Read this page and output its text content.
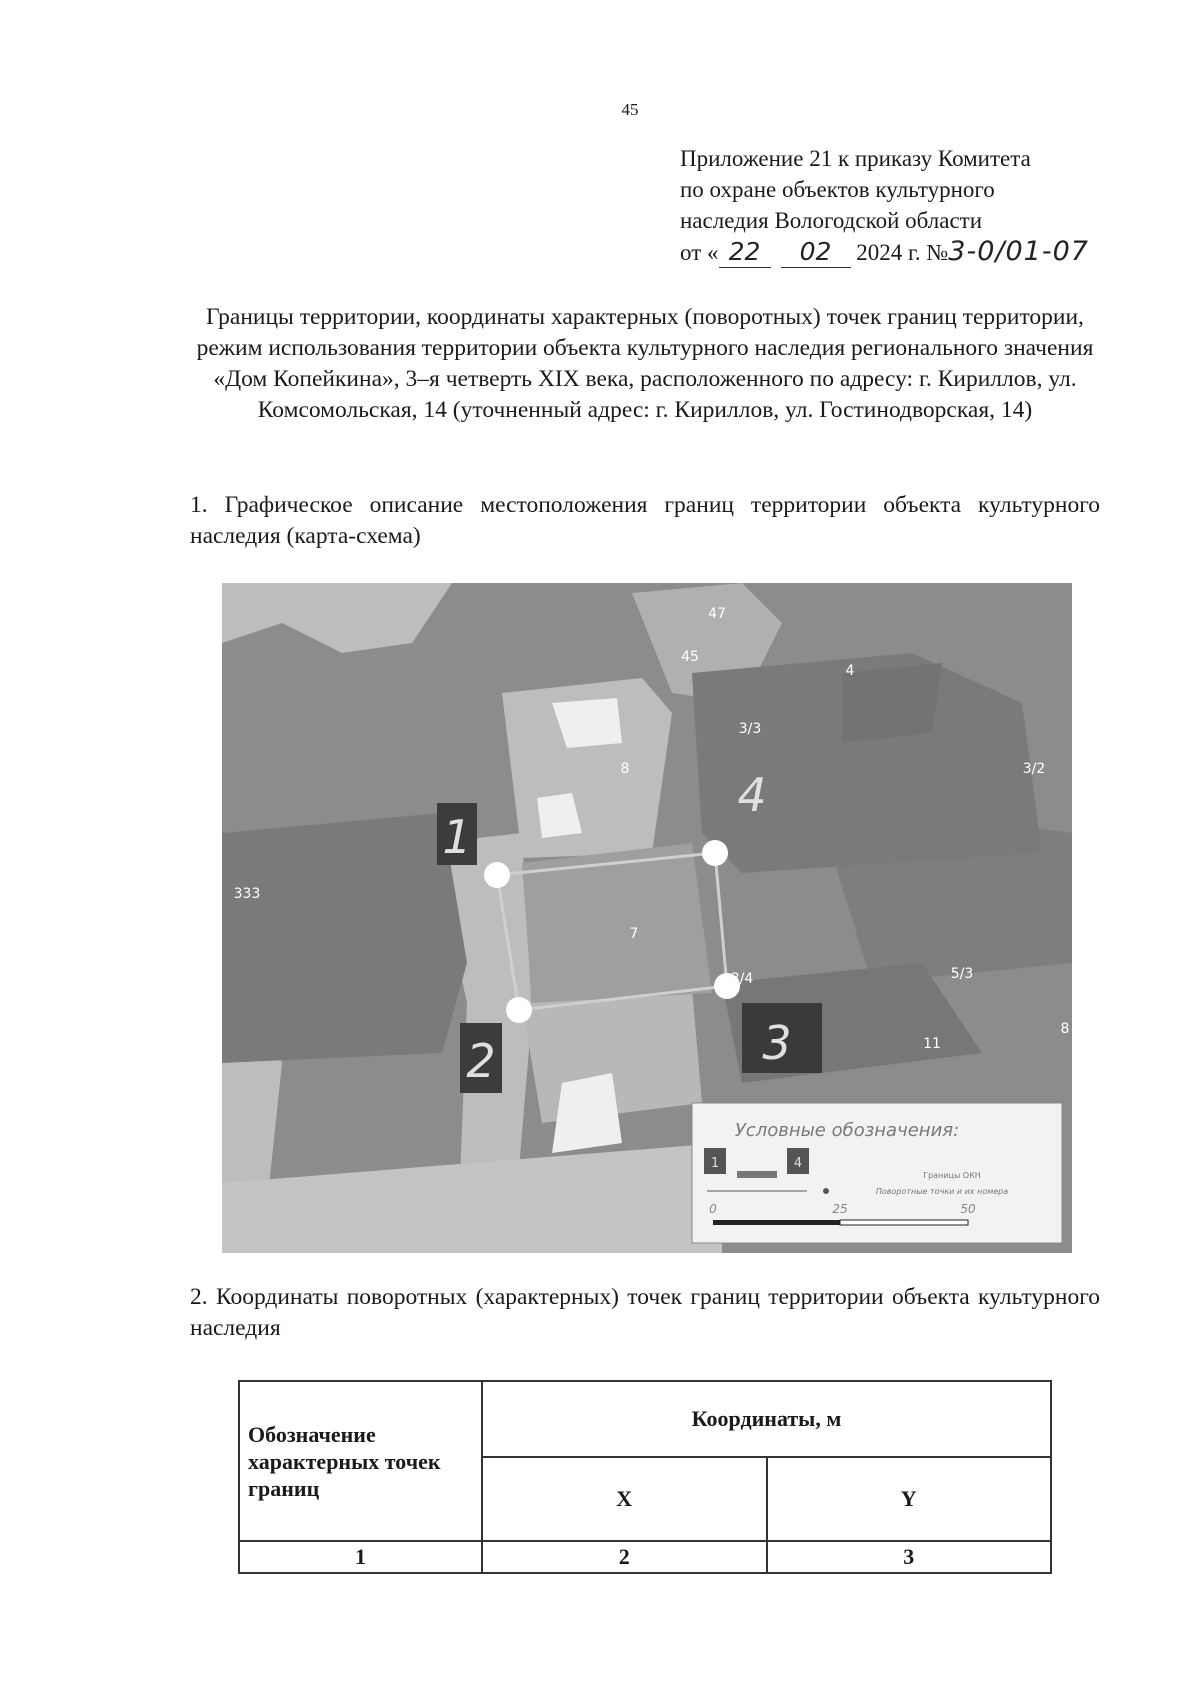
45
Приложение 21 к приказу Комитета
по охране объектов культурного
наследия Вологодской области
от « 22 02 2024 г. №3-0/01-07
Границы территории, координаты характерных (поворотных) точек границ территории, режим использования территории объекта культурного наследия регионального значения «Дом Копейкина», 3–я четверть XIX века, расположенного по адресу: г. Кириллов, ул. Комсомольская, 14 (уточненный адрес: г. Кириллов, ул. Гостинодворская, 14)
1. Графическое описание местоположения границ территории объекта культурного наследия (карта-схема)
1
2	3
4
47
45
4
3/2
3/3
8
333
7
3/4	5/3
11
8
Условные обозначения:
1	4
Границы ОКН
Поворотные точки и их номера
0	25	50
2. Координаты поворотных (характерных) точек границ территории объекта культурного наследия
Обозначение характерных точек границ	Координаты, м	
	X	Y
1	2	3
